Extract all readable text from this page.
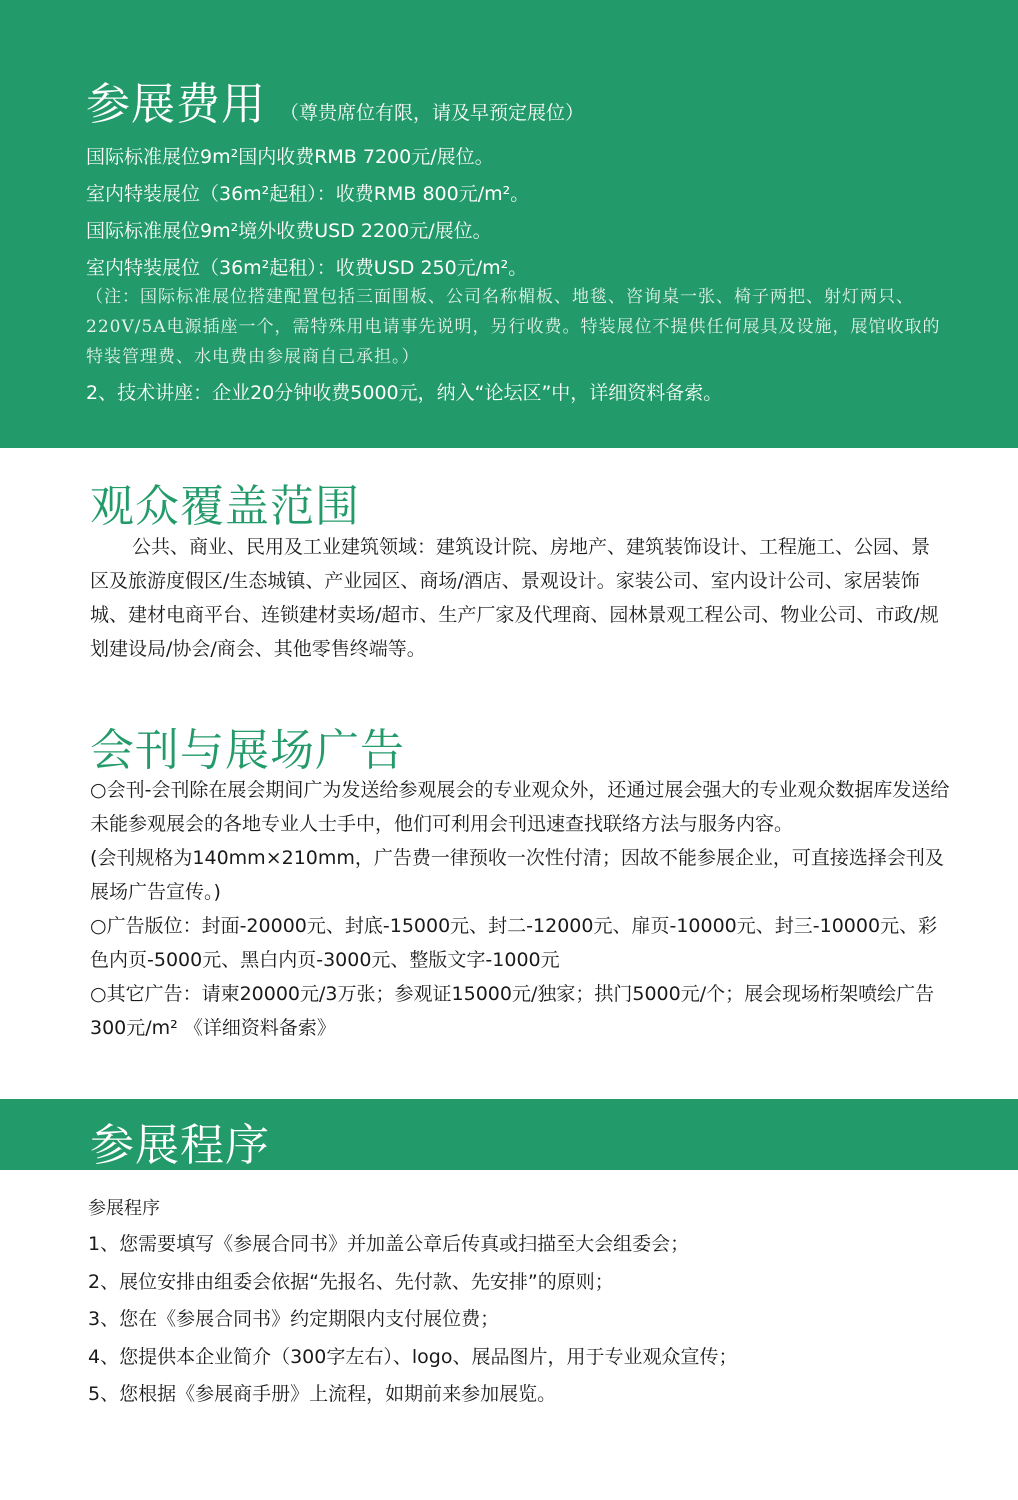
参展费用 （尊贵席位有限，请及早预定展位）
国际标准展位9m²国内收费RMB 7200元/展位。
室内特装展位（36m²起租）：收费RMB 800元/m²。
国际标准展位9m²境外收费USD 2200元/展位。
室内特装展位（36m²起租）：收费USD 250元/m²。
（注：国际标准展位搭建配置包括三面围板、公司名称楣板、地毯、咨询桌一张、椅子两把、射灯两只、220V/5A电源插座一个，需特殊用电请事先说明，另行收费。特装展位不提供任何展具及设施，展馆收取的特装管理费、水电费由参展商自己承担。）
2、技术讲座：企业20分钟收费5000元，纳入“论坛区”中，详细资料备索。
观众覆盖范围

公共、商业、民用及工业建筑领域：建筑设计院、房地产、建筑装饰设计、工程施工、公园、景区及旅游度假区/生态城镇、产业园区、商场/酒店、景观设计。家装公司、室内设计公司、家居装饰城、建材电商平台、连锁建材卖场/超市、生产厂家及代理商、园林景观工程公司、物业公司、市政/规划建设局/协会/商会、其他零售终端等。

会刊与展场广告

○会刊-会刊除在展会期间广为发送给参观展会的专业观众外，还通过展会强大的专业观众数据库发送给未能参观展会的各地专业人士手中，他们可利用会刊迅速查找联络方法与服务内容。

(会刊规格为140mm×210mm，广告费一律预收一次性付清；因故不能参展企业，可直接选择会刊及展场广告宣传。)

○广告版位：封面-20000元、封底-15000元、封二-12000元、扉页-10000元、封三-10000元、彩色内页-5000元、黑白内页-3000元、整版文字-1000元

○其它广告：请柬20000元/3万张；参观证15000元/独家；拱门5000元/个；展会现场桁架喷绘广告300元/m² 《详细资料备索》

参展程序
参展程序
1、您需要填写《参展合同书》并加盖公章后传真或扫描至大会组委会；
2、展位安排由组委会依据“先报名、先付款、先安排”的原则；
3、您在《参展合同书》约定期限内支付展位费；
4、您提供本企业简介（300字左右）、logo、展品图片，用于专业观众宣传；
5、您根据《参展商手册》上流程，如期前来参加展览。
